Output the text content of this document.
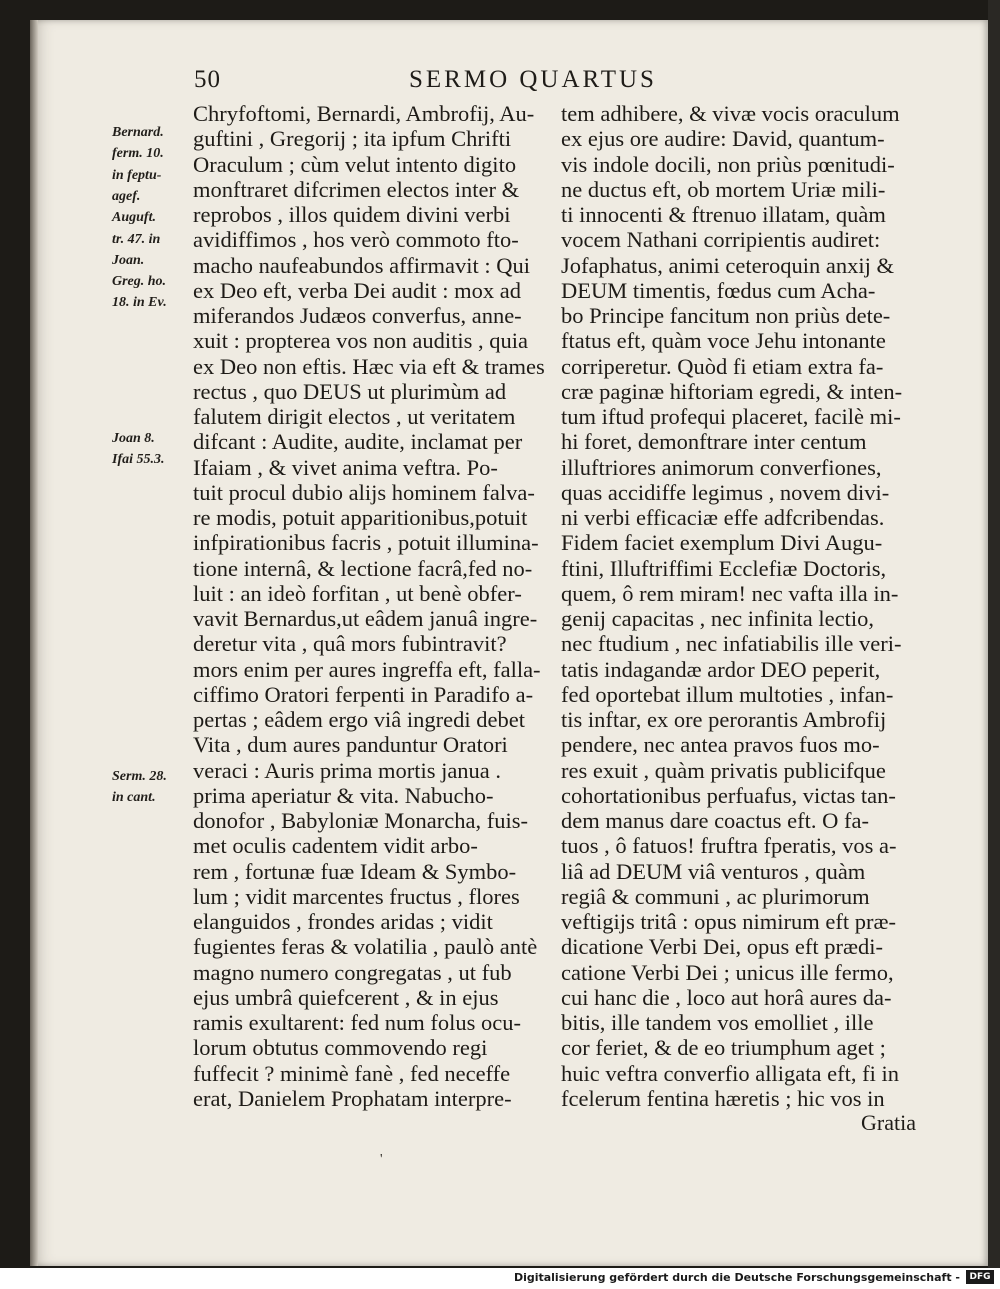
50	SERMO QUARTUS
Bernard.
ferm. 10.
in feptu-
agef.
Auguft.
tr. 47. in
Joan.
Greg. ho.
18. in Ev.
Joan 8.
Ifai 55.3.
Serm. 28.
in cant.
Chryfoftomi, Bernardi, Ambrofij, Au-
guftini , Gregorij ; ita ipfum Chrifti
Oraculum ; cùm velut intento digito
monftraret difcrimen electos inter &
reprobos , illos quidem divini verbi
avidiffimos , hos verò commoto fto-
macho naufeabundos affirmavit : Qui
ex Deo eft, verba Dei audit : mox ad
miferandos Judæos converfus, anne-
xuit : propterea vos non auditis , quia
ex Deo non eftis. Hæc via eft & trames
rectus , quo DEUS ut plurimùm ad
falutem dirigit electos , ut veritatem
difcant : Audite, audite, inclamat per
Ifaiam , & vivet anima veftra. Po-
tuit procul dubio alijs hominem falva-
re modis, potuit apparitionibus,potuit
infpirationibus facris , potuit illumina-
tione internâ, & lectione facrâ,fed no-
luit : an ideò forfitan , ut benè obfer-
vavit Bernardus,ut eâdem januâ ingre-
deretur vita , quâ mors fubintravit?
mors enim per aures ingreffa eft, falla-
ciffimo Oratori ferpenti in Paradifo a-
pertas ; eâdem ergo viâ ingredi debet
Vita , dum aures panduntur Oratori
veraci : Auris prima mortis janua .
prima aperiatur & vita. Nabucho-
donofor , Babyloniæ Monarcha, fuis-
met oculis cadentem vidit arbo-
rem , fortunæ fuæ Ideam & Symbo-
lum ; vidit marcentes fructus , flores
elanguidos , frondes aridas ; vidit
fugientes feras & volatilia , paulò antè
magno numero congregatas , ut fub
ejus umbrâ quiefcerent , & in ejus
ramis exultarent: fed num folus ocu-
lorum obtutus commovendo regi
fuffecit ? minimè fanè , fed neceffe
erat, Danielem Prophatam interpre-
tem adhibere, & vivæ vocis oraculum
ex ejus ore audire: David, quantum-
vis indole docili, non priùs pœnitudi-
ne ductus eft, ob mortem Uriæ mili-
ti innocenti & ftrenuo illatam, quàm
vocem Nathani corripientis audiret:
Jofaphatus, animi ceteroquin anxij &
DEUM timentis, fœdus cum Acha-
bo Principe fancitum non priùs dete-
ftatus eft, quàm voce Jehu intonante
corriperetur. Quòd fi etiam extra fa-
cræ paginæ hiftoriam egredi, & inten-
tum iftud profequi placeret, facilè mi-
hi foret, demonftrare inter centum
illuftriores animorum converfiones,
quas accidiffe legimus , novem divi-
ni verbi efficaciæ effe adfcribendas.
Fidem faciet exemplum Divi Augu-
ftini, Illuftriffimi Ecclefiæ Doctoris,
quem, ô rem miram! nec vafta illa in-
genij capacitas , nec infinita lectio,
nec ftudium , nec infatiabilis ille veri-
tatis indagandæ ardor DEO peperit,
fed oportebat illum multoties , infan-
tis inftar, ex ore perorantis Ambrofij
pendere, nec antea pravos fuos mo-
res exuit , quàm privatis publicifque
cohortationibus perfuafus, victas tan-
dem manus dare coactus eft. O fa-
tuos , ô fatuos! fruftra fperatis, vos a-
liâ ad DEUM viâ venturos , quàm
regiâ & communi , ac plurimorum
veftigijs tritâ : opus nimirum eft præ-
dicatione Verbi Dei, opus eft prædi-
catione Verbi Dei ; unicus ille fermo,
cui hanc die , loco aut horâ aures da-
bitis, ille tandem vos emolliet , ille
cor feriet, & de eo triumphum aget ;
huic veftra converfio alligata eft, fi in
fcelerum fentina hæretis ; hic vos in
Gratia
'
Digitalisierung gefördert durch die Deutsche Forschungsgemeinschaft -	DFG
